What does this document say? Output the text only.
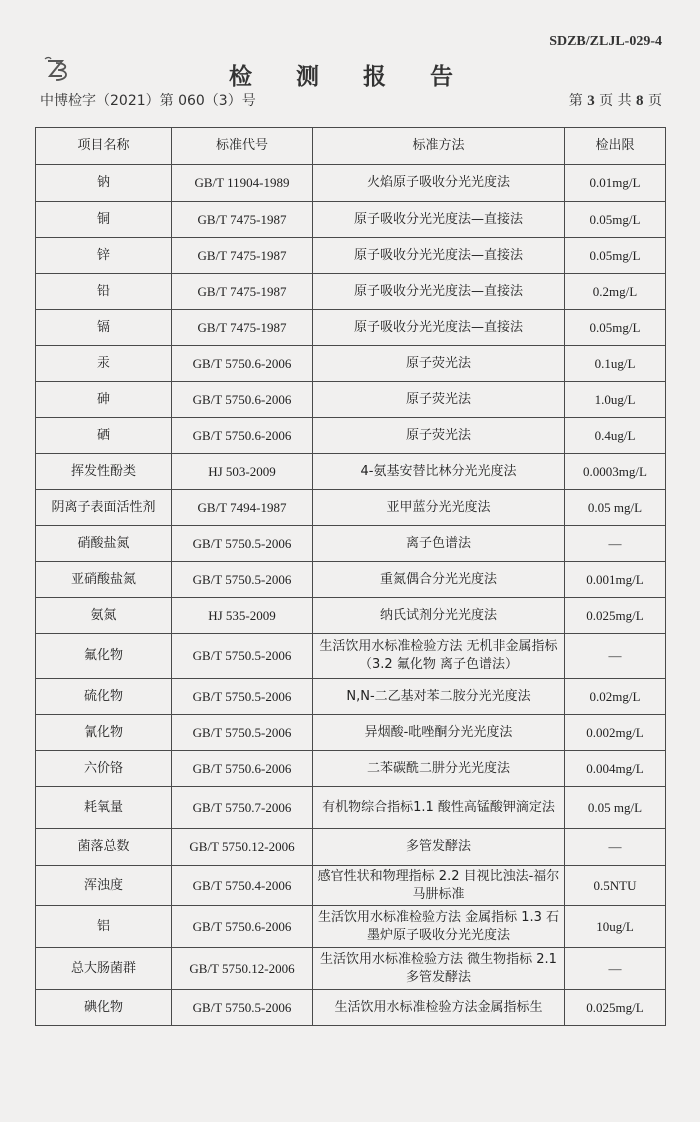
SDZB/ZLJL-029-4
检 测 报 告
中博检字（2021）第 060（3）号	第 3 页 共 8 页
项目名称	标准代号	标准方法	检出限
钠	GB/T 11904-1989	火焰原子吸收分光光度法	0.01mg/L
铜	GB/T 7475-1987	原子吸收分光光度法—直接法	0.05mg/L
锌	GB/T 7475-1987	原子吸收分光光度法—直接法	0.05mg/L
铅	GB/T 7475-1987	原子吸收分光光度法—直接法	0.2mg/L
镉	GB/T 7475-1987	原子吸收分光光度法—直接法	0.05mg/L
汞	GB/T 5750.6-2006	原子荧光法	0.1ug/L
砷	GB/T 5750.6-2006	原子荧光法	1.0ug/L
硒	GB/T 5750.6-2006	原子荧光法	0.4ug/L
挥发性酚类	HJ 503-2009	4-氨基安替比林分光光度法	0.0003mg/L
阴离子表面活性剂	GB/T 7494-1987	亚甲蓝分光光度法	0.05 mg/L
硝酸盐氮	GB/T 5750.5-2006	离子色谱法	—
亚硝酸盐氮	GB/T 5750.5-2006	重氮偶合分光光度法	0.001mg/L
氨氮	HJ 535-2009	纳氏试剂分光光度法	0.025mg/L
氟化物	GB/T 5750.5-2006	生活饮用水标准检验方法 无机非金属指标（3.2 氟化物 离子色谱法）	—
硫化物	GB/T 5750.5-2006	N,N-二乙基对苯二胺分光光度法	0.02mg/L
氰化物	GB/T 5750.5-2006	异烟酸-吡唑酮分光光度法	0.002mg/L
六价铬	GB/T 5750.6-2006	二苯碳酰二肼分光光度法	0.004mg/L
耗氧量	GB/T 5750.7-2006	有机物综合指标1.1 酸性高锰酸钾滴定法	0.05 mg/L
菌落总数	GB/T 5750.12-2006	多管发酵法	—
浑浊度	GB/T 5750.4-2006	感官性状和物理指标 2.2 目视比浊法-福尔马肼标准	0.5NTU
铝	GB/T 5750.6-2006	生活饮用水标准检验方法 金属指标 1.3 石墨炉原子吸收分光光度法	10ug/L
总大肠菌群	GB/T 5750.12-2006	生活饮用水标准检验方法 微生物指标 2.1 多管发酵法	—
碘化物	GB/T 5750.5-2006	生活饮用水标准检验方法金属指标生	0.025mg/L
